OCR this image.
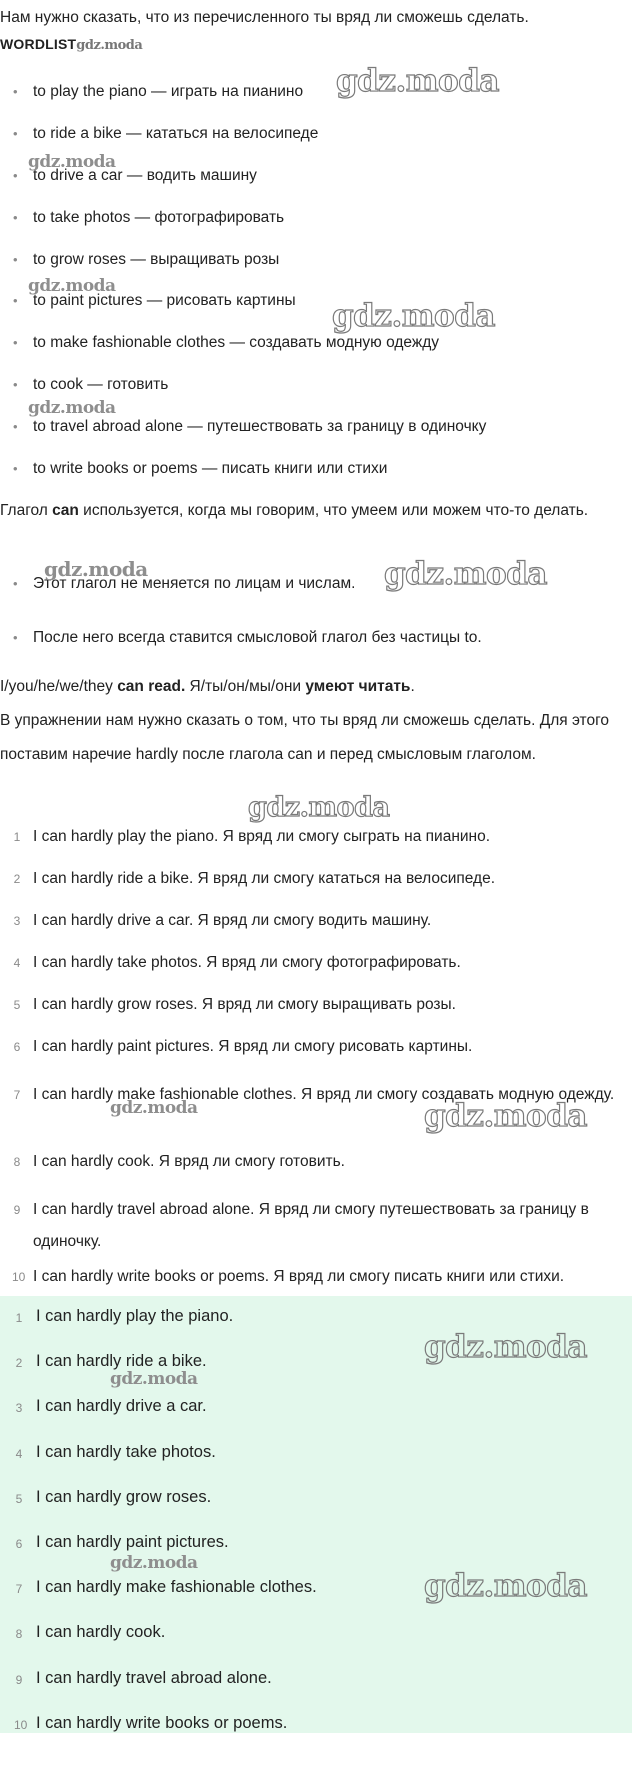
Нам нужно сказать, что из перечисленного ты вряд ли сможешь сделать.
WORDLISTgdz.moda
• to play the piano — играть на пианино
• to ride a bike — кататься на велосипеде
• to drive a car — водить машину
• to take photos — фотографировать
• to grow roses — выращивать розы
• to paint pictures — рисовать картины
• to make fashionable clothes — создавать модную одежду
• to cook — готовить
• to travel abroad alone — путешествовать за границу в одиночку
• to write books or poems — писать книги или стихи
Глагол can используется, когда мы говорим, что умеем или можем что-то делать.
• Этот глагол не меняется по лицам и числам.
• После него всегда ставится смысловой глагол без частицы to.
I/you/he/we/they can read. Я/ты/он/мы/они умеют читать.
В упражнении нам нужно сказать о том, что ты вряд ли сможешь сделать. Для этого поставим наречие hardly после глагола can и перед смысловым глаголом.
1 I can hardly play the piano. Я вряд ли смогу сыграть на пианино.
2 I can hardly ride a bike. Я вряд ли смогу кататься на велосипеде.
3 I can hardly drive a car. Я вряд ли смогу водить машину.
4 I can hardly take photos. Я вряд ли смогу фотографировать.
5 I can hardly grow roses. Я вряд ли смогу выращивать розы.
6 I can hardly paint pictures. Я вряд ли смогу рисовать картины.
7 I can hardly make fashionable clothes. Я вряд ли смогу создавать модную одежду.
8 I can hardly cook. Я вряд ли смогу готовить.
9 I can hardly travel abroad alone. Я вряд ли смогу путешествовать за границу в одиночку.
10 I can hardly write books or poems. Я вряд ли смогу писать книги или стихи.
1 I can hardly play the piano.
2 I can hardly ride a bike.
3 I can hardly drive a car.
4 I can hardly take photos.
5 I can hardly grow roses.
6 I can hardly paint pictures.
7 I can hardly make fashionable clothes.
8 I can hardly cook.
9 I can hardly travel abroad alone.
10 I can hardly write books or poems.
gdz.moda
gdz.moda
gdz.moda
gdz.moda
gdz.moda
gdz.moda	gdz.moda
gdz.moda
gdz.moda	gdz.moda
gdz.moda
gdz.moda
gdz.moda
gdz.moda
